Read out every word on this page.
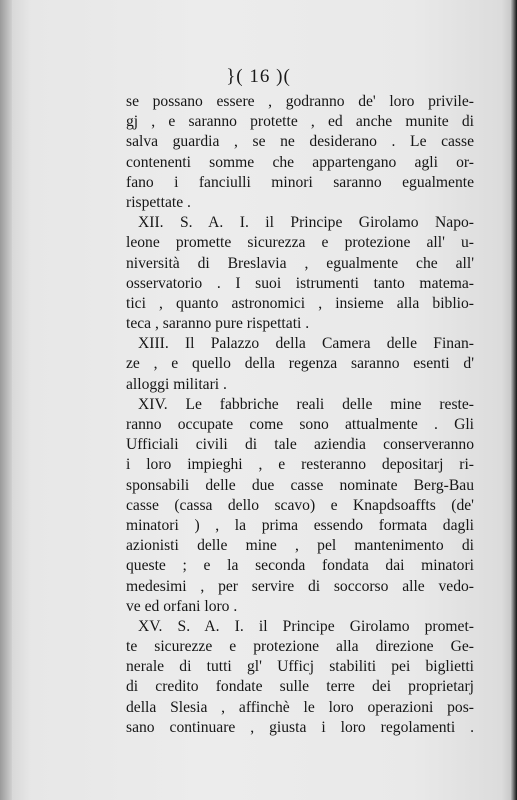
}( 16 )(
se possano essere , godranno de' loro privile-
gj , e saranno protette , ed anche munite di
salva guardia , se ne desiderano . Le casse
contenenti somme che appartengano agli or-
fano i fanciulli minori saranno egualmente
rispettate .
XII. S. A. I. il Principe Girolamo Napo-
leone promette sicurezza e protezione all' u-
niversità di Breslavia , egualmente che all'
osservatorio . I suoi istrumenti tanto matema-
tici , quanto astronomici , insieme alla biblio-
teca , saranno pure rispettati .
XIII. Il Palazzo della Camera delle Finan-
ze , e quello della regenza saranno esenti d'
alloggi militari .
XIV. Le fabbriche reali delle mine reste-
ranno occupate come sono attualmente . Gli
Ufficiali civili di tale aziendia conserveranno
i loro impieghi , e resteranno depositarj ri-
sponsabili delle due casse nominate Berg-Bau
casse (cassa dello scavo) e Knapdsoaffts (de'
minatori ) , la prima essendo formata dagli
azionisti delle mine , pel mantenimento di
queste ; e la seconda fondata dai minatori
medesimi , per servire di soccorso alle vedo-
ve ed orfani loro .
XV. S. A. I. il Principe Girolamo promet-
te sicurezze e protezione alla direzione Ge-
nerale di tutti gl' Ufficj stabiliti pei biglietti
di credito fondate sulle terre dei proprietarj
della Slesia , affinchè le loro operazioni pos-
sano continuare , giusta i loro regolamenti .
